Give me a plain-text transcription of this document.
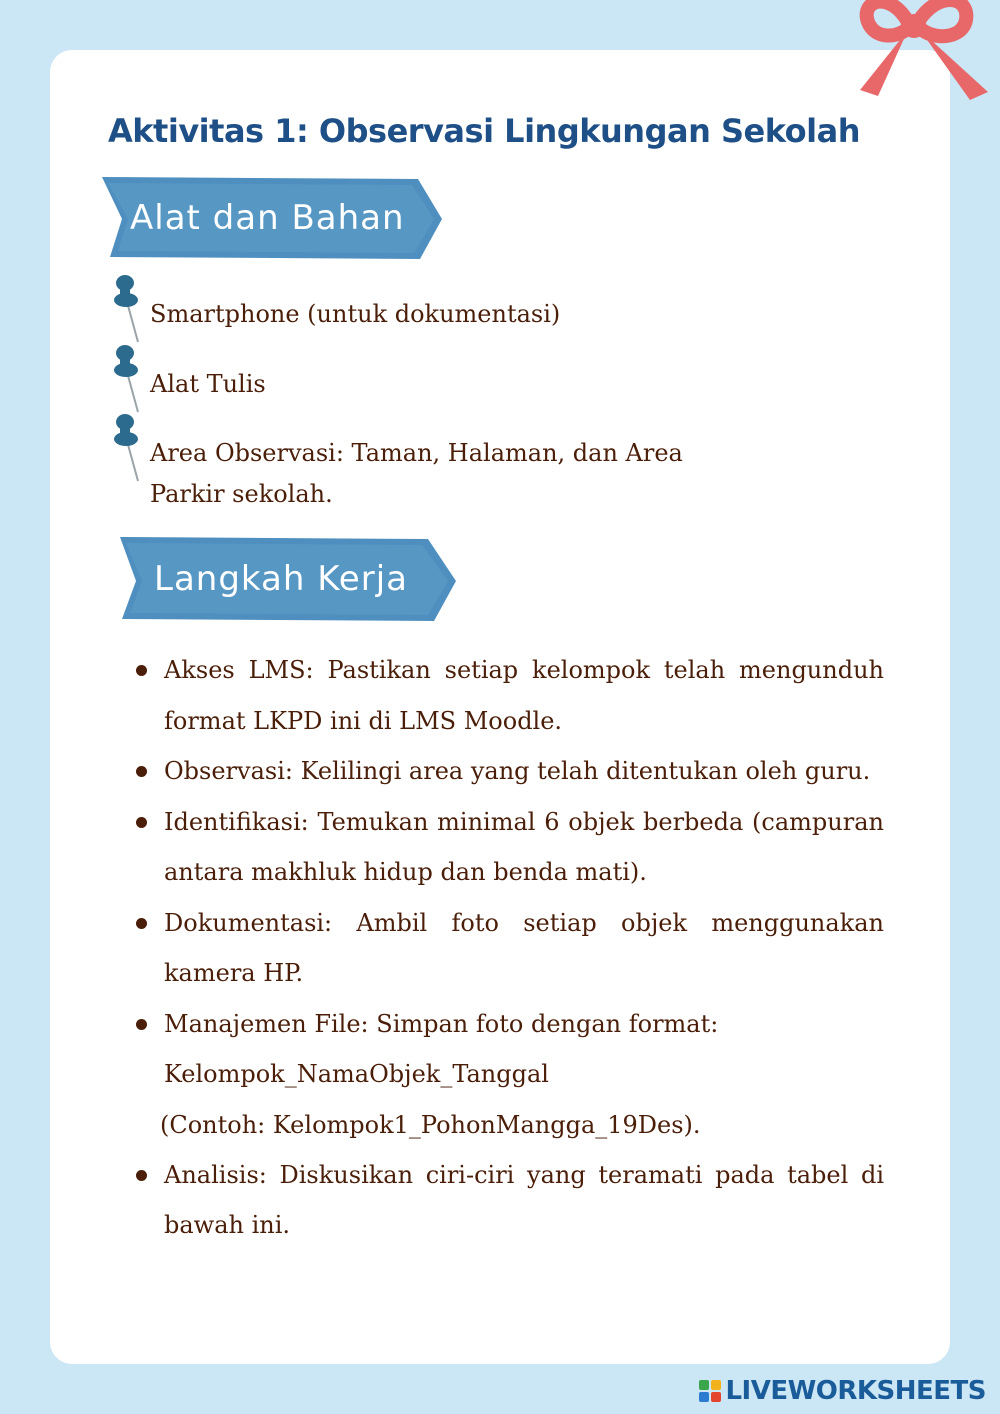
Aktivitas 1: Observasi Lingkungan Sekolah
Alat dan Bahan
Smartphone (untuk dokumentasi)
Alat Tulis
Area Observasi: Taman, Halaman, dan Area Parkir sekolah.
Langkah Kerja
Akses LMS: Pastikan setiap kelompok telah mengunduh format LKPD ini di LMS Moodle.
Observasi: Kelilingi area yang telah ditentukan oleh guru.
Identifikasi: Temukan minimal 6 objek berbeda (campuran antara makhluk hidup dan benda mati).
Dokumentasi: Ambil foto setiap objek menggunakan kamera HP.
Manajemen File: Simpan foto dengan format: Kelompok_NamaObjek_Tanggal
(Contoh: Kelompok1_PohonMangga_19Des).
Analisis: Diskusikan ciri-ciri yang teramati pada tabel di bawah ini.
LIVEWORKSHEETS
